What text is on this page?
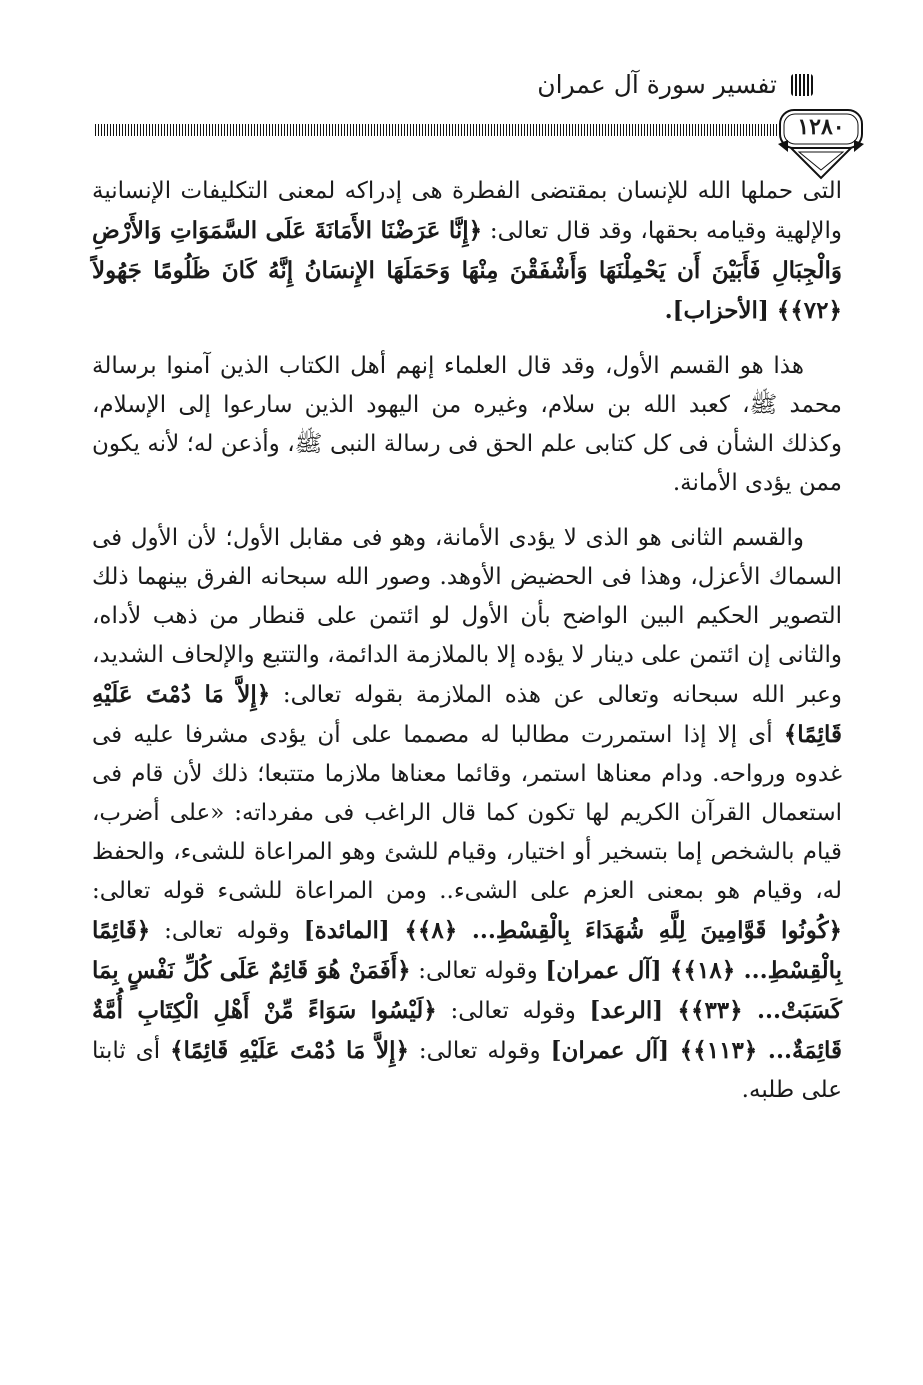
تفسير سورة آل عمران
١٢٨٠

التى حملها الله للإنسان بمقتضى الفطرة هى إدراكه لمعنى التكليفات الإنسانية والإلهية وقيامه بحقها، وقد قال تعالى: ﴿إِنَّا عَرَضْنَا الأَمَانَةَ عَلَى السَّمَوَاتِ وَالأَرْضِ وَالْجِبَالِ فَأَبَيْنَ أَن يَحْمِلْنَهَا وَأَشْفَقْنَ مِنْهَا وَحَمَلَهَا الإِنسَانُ إِنَّهُ كَانَ ظَلُومًا جَهُولاً ﴿٧٢﴾﴾ [الأحزاب].

هذا هو القسم الأول، وقد قال العلماء إنهم أهل الكتاب الذين آمنوا برسالة محمد ﷺ، كعبد الله بن سلام، وغيره من اليهود الذين سارعوا إلى الإسلام، وكذلك الشأن فى كل كتابى علم الحق فى رسالة النبى ﷺ، وأذعن له؛ لأنه يكون ممن يؤدى الأمانة.

والقسم الثانى هو الذى لا يؤدى الأمانة، وهو فى مقابل الأول؛ لأن الأول فى السماك الأعزل، وهذا فى الحضيض الأوهد. وصور الله سبحانه الفرق بينهما ذلك التصوير الحكيم البين الواضح بأن الأول لو ائتمن على قنطار من ذهب لأداه، والثانى إن ائتمن على دينار لا يؤده إلا بالملازمة الدائمة، والتتبع والإلحاف الشديد، وعبر الله سبحانه وتعالى عن هذه الملازمة بقوله تعالى: ﴿إِلاَّ مَا دُمْتَ عَلَيْهِ قَائِمًا﴾ أى إلا إذا استمررت مطالبا له مصمما على أن يؤدى مشرفا عليه فى غدوه ورواحه. ودام معناها استمر، وقائما معناها ملازما متتبعا؛ ذلك لأن قام فى استعمال القرآن الكريم لها تكون كما قال الراغب فى مفرداته: «على أضرب، قيام بالشخص إما بتسخير أو اختيار، وقيام للشئ وهو المراعاة للشىء، والحفظ له، وقيام هو بمعنى العزم على الشىء.. ومن المراعاة للشىء قوله تعالى: ﴿كُونُوا قَوَّامِينَ لِلَّهِ شُهَدَاءَ بِالْقِسْطِ... ﴿٨﴾﴾ [المائدة] وقوله تعالى: ﴿قَائِمًا بِالْقِسْطِ... ﴿١٨﴾﴾ [آل عمران] وقوله تعالى: ﴿أَفَمَنْ هُوَ قَائِمٌ عَلَى كُلِّ نَفْسٍ بِمَا كَسَبَتْ... ﴿٣٣﴾﴾ [الرعد] وقوله تعالى: ﴿لَيْسُوا سَوَاءً مِّنْ أَهْلِ الْكِتَابِ أُمَّةٌ قَائِمَةٌ... ﴿١١٣﴾﴾ [آل عمران] وقوله تعالى: ﴿إِلاَّ مَا دُمْتَ عَلَيْهِ قَائِمًا﴾ أى ثابتا على طلبه.
